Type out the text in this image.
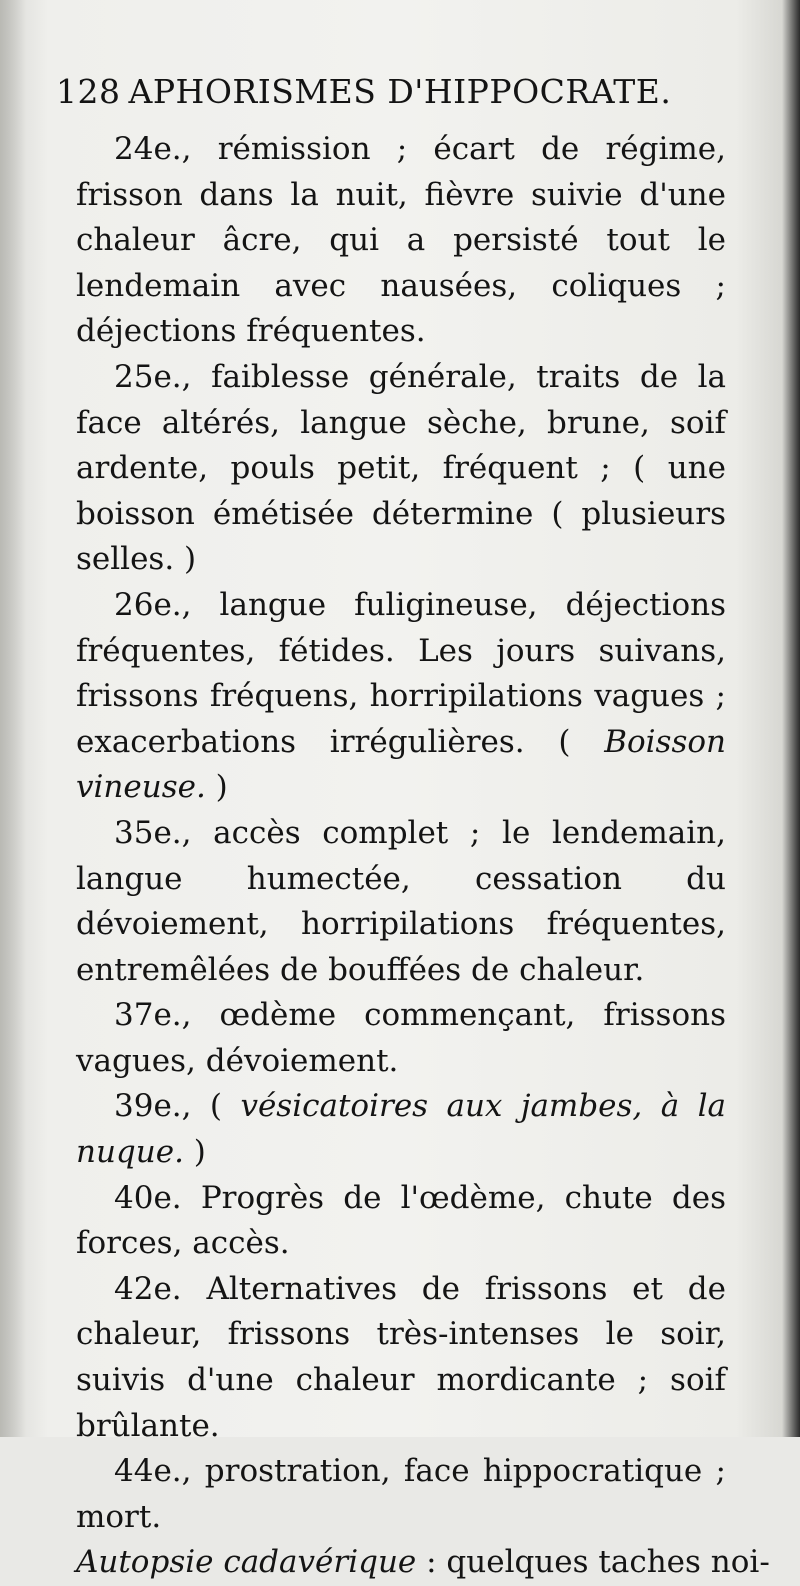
128 APHORISMES D'HIPPOCRATE.

24e., rémission ; écart de régime, frisson dans la nuit, fièvre suivie d'une chaleur âcre, qui a persisté tout le lendemain avec nausées, coliques ; déjections fréquentes.

25e., faiblesse générale, traits de la face altérés, langue sèche, brune, soif ardente, pouls petit, fréquent ; ( une boisson émétisée détermine ( plusieurs selles. )

26e., langue fuligineuse, déjections fréquentes, fétides. Les jours suivans, frissons fréquens, horripilations vagues ; exacerbations irrégulières. ( Boisson vineuse. )

35e., accès complet ; le lendemain, langue humectée, cessation du dévoiement, horripilations fréquentes, entremêlées de bouffées de chaleur.

37e., œdème commençant, frissons vagues, dévoiement.

39e., ( vésicatoires aux jambes, à la nuque. )

40e. Progrès de l'œdème, chute des forces, accès.

42e. Alternatives de frissons et de chaleur, frissons très-intenses le soir, suivis d'une chaleur mordicante ; soif brûlante.

44e., prostration, face hippocratique ; mort.

Autopsie cadavérique : quelques taches noi-
